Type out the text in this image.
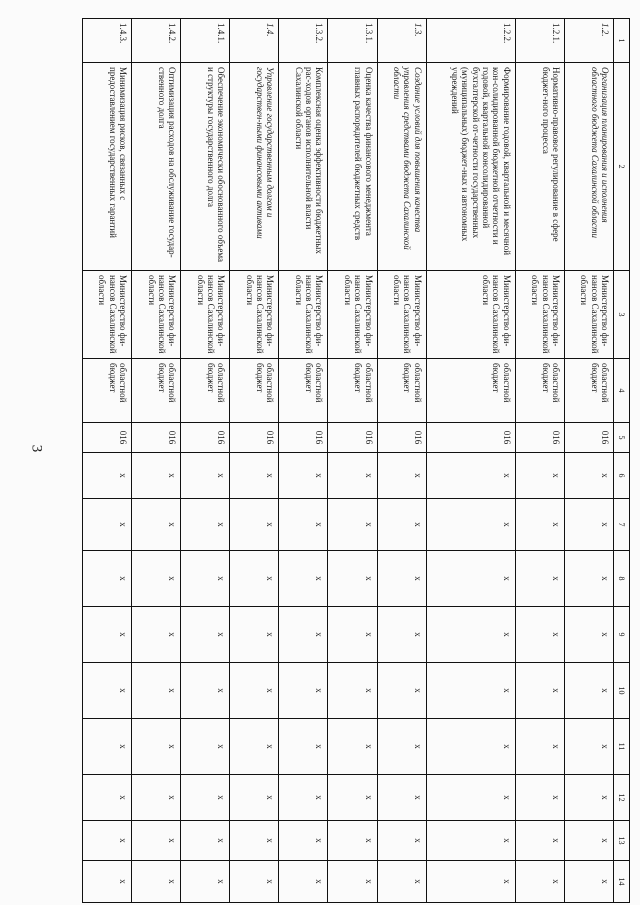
3
1	2	3	4	5	6	7	8	9	10	11	12	13	14
1.2.	Организация планирования и исполнения областного бюджета Сахалинской области	Министерство фи-нансов Сахалинской области	областной бюджет	016	х	х	х	х	х	х	х	х	х
1.2.1.	Нормативно-правовое регулирование в сфере бюджет-ного процесса	Министерство фи-нансов Сахалинской области	областной бюджет	016	х	х	х	х	х	х	х	х	х
1.2.2.	Формирование годовой, квартальной и месячной кон-солидированной бюджетной отчетности и годовой, квартальной консолидированной бухгалтерской от-четности государственных (муниципальных) бюджет-ных и автономных учреждений	Министерство фи-нансов Сахалинской области	областной бюджет	016	х	х	х	х	х	х	х	х	х
1.3.	Создание условий для повышения качества управления средствами бюджета Сахалинской области	Министерство фи-нансов Сахалинской области	областной бюджет	016	х	х	х	х	х	х	х	х	х
1.3.1.	Оценка качества финансового менеджмента главных распорядителей бюджетных средств	Министерство фи-нансов Сахалинской области	областной бюджет	016	х	х	х	х	х	х	х	х	х
1.3.2.	Комплексная оценка эффективности бюджетных рас-ходов органов исполнительной власти Сахалинской области	Министерство фи-нансов Сахалинской области	областной бюджет	016	х	х	х	х	х	х	х	х	х
1.4.	Управление государственным долгом и государствен-ными финансовыми активами	Министерство фи-нансов Сахалинской области	областной бюджет	016	х	х	х	х	х	х	х	х	х
1.4.1.	Обеспечение экономически обоснованного объема и структуры государственного долга	Министерство фи-нансов Сахалинской области	областной бюджет	016	х	х	х	х	х	х	х	х	х
1.4.2.	Оптимизация расходов на обслуживание государ-ственного долга	Министерство фи-нансов Сахалинской области	областной бюджет	016	х	х	х	х	х	х	х	х	х
1.4.3.	Минимизация рисков, связанных с предоставлением государственных гарантий	Министерство фи-нансов Сахалинской области	областной бюджет	016	х	х	х	х	х	х	х	х	х
